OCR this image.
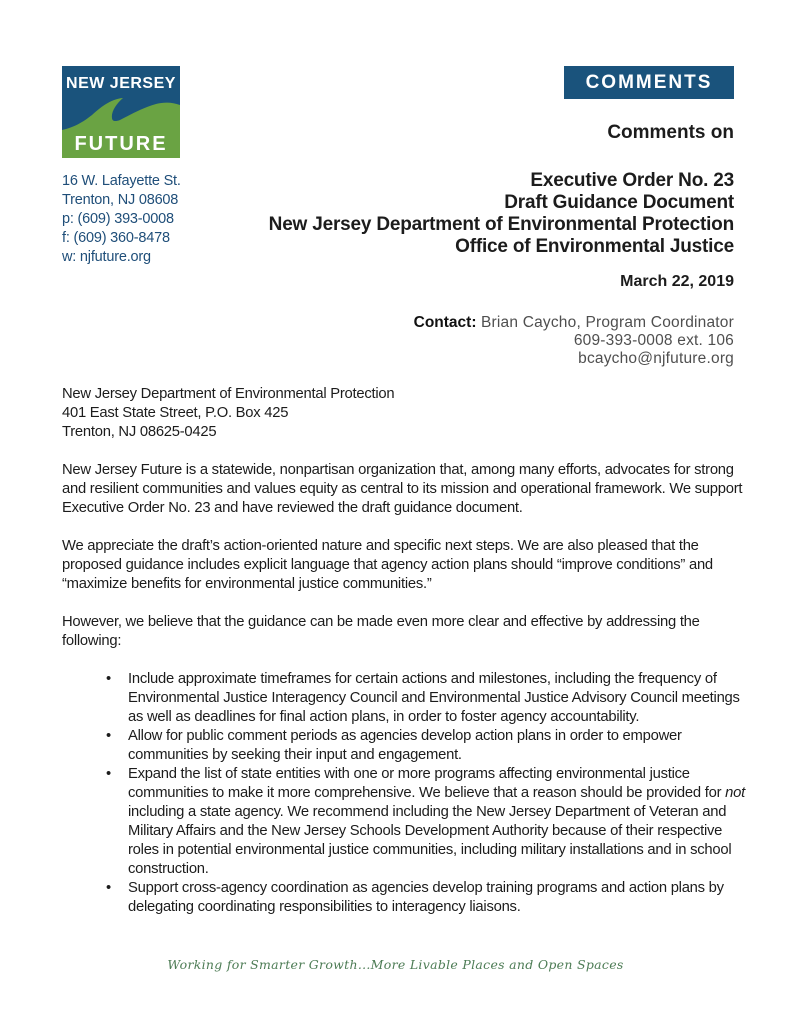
NEW JERSEY
FUTURE
16 W. Lafayette St.
Trenton, NJ 08608
p: (609) 393-0008
f: (609) 360-8478
w: njfuture.org
COMMENTS
Comments on
Executive Order No. 23
Draft Guidance Document
New Jersey Department of Environmental Protection
Office of Environmental Justice
March 22, 2019
Contact: Brian Caycho, Program Coordinator
609-393-0008 ext. 106
bcaycho@njfuture.org
New Jersey Department of Environmental Protection
401 East State Street, P.O. Box 425
Trenton, NJ 08625-0425

New Jersey Future is a statewide, nonpartisan organization that, among many efforts, advocates for strong and resilient communities and values equity as central to its mission and operational framework. We support Executive Order No. 23 and have reviewed the draft guidance document.

We appreciate the draft’s action-oriented nature and specific next steps. We are also pleased that the proposed guidance includes explicit language that agency action plans should “improve conditions” and “maximize benefits for environmental justice communities.”

However, we believe that the guidance can be made even more clear and effective by addressing the following:

• Include approximate timeframes for certain actions and milestones, including the frequency of Environmental Justice Interagency Council and Environmental Justice Advisory Council meetings as well as deadlines for final action plans, in order to foster agency accountability.
• Allow for public comment periods as agencies develop action plans in order to empower communities by seeking their input and engagement.
• Expand the list of state entities with one or more programs affecting environmental justice communities to make it more comprehensive. We believe that a reason should be provided for not including a state agency. We recommend including the New Jersey Department of Veteran and Military Affairs and the New Jersey Schools Development Authority because of their respective roles in potential environmental justice communities, including military installations and in school construction.
• Support cross-agency coordination as agencies develop training programs and action plans by delegating coordinating responsibilities to interagency liaisons.
Working for Smarter Growth...More Livable Places and Open Spaces
